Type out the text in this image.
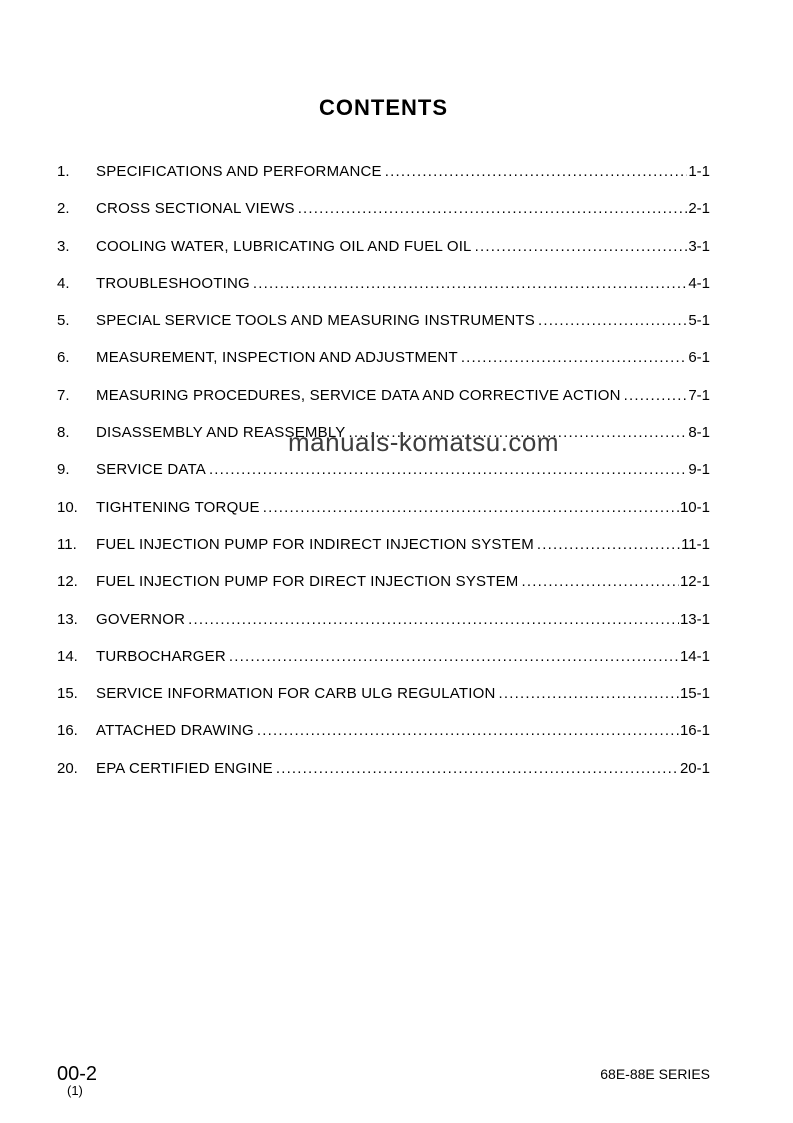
CONTENTS
1.	SPECIFICATIONS AND PERFORMANCE .....	1-1
2.	CROSS SECTIONAL VIEWS .....	2-1
3.	COOLING WATER, LUBRICATING OIL AND FUEL OIL .....	3-1
4.	TROUBLESHOOTING .....	4-1
5.	SPECIAL SERVICE TOOLS AND MEASURING INSTRUMENTS .....	5-1
6.	MEASUREMENT, INSPECTION AND ADJUSTMENT .....	6-1
7.	MEASURING PROCEDURES, SERVICE DATA AND CORRECTIVE ACTION .....	7-1
8.	DISASSEMBLY AND REASSEMBLY .....	8-1
9.	SERVICE DATA .....	9-1
10.	TIGHTENING TORQUE .....	10-1
11.	FUEL INJECTION PUMP FOR INDIRECT INJECTION SYSTEM .....	11-1
12.	FUEL INJECTION PUMP FOR DIRECT INJECTION SYSTEM .....	12-1
13.	GOVERNOR .....	13-1
14.	TURBOCHARGER .....	14-1
15.	SERVICE INFORMATION FOR CARB ULG REGULATION .....	15-1
16.	ATTACHED DRAWING .....	16-1
20.	EPA CERTIFIED ENGINE .....	20-1
manuals-komatsu.com
00-2
(1)
68E-88E SERIES
